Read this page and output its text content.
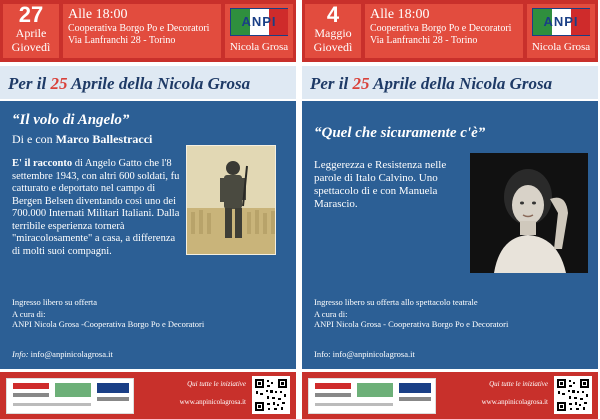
27
Aprile
Giovedì
Alle 18:00
Cooperativa Borgo Po e Decoratori
Via Lanfranchi 28 - Torino
ANPI
Nicola Grosa
Per il 25 Aprile della Nicola Grosa
“Il volo di Angelo”
Di e con Marco Ballestracci
E' il racconto di Angelo Gatto che l'8 settembre 1943, con altri 600 soldati, fu catturato e deportato nel campo di Bergen Belsen diventando così uno dei 700.000 Internati Militari Italiani. Dalla terribile esperienza tornerà "miracolosamente" a casa, a differenza di molti suoi compagni.
Ingresso libero su offerta
A cura di:
ANPI Nicola Grosa -Cooperativa Borgo Po e Decoratori
Info: info@anpinicolagrosa.it
Qui tutte le iniziative
www.anpinicolagrosa.it
4
Maggio
Giovedì
Alle 18:00
Cooperativa Borgo Po e Decoratori
Via Lanfranchi 28 - Torino
ANPI
Nicola Grosa
Per il 25 Aprile della Nicola Grosa
“Quel che sicuramente c'è”
Leggerezza e Resistenza nelle parole di Italo Calvino. Uno spettacolo di e con Manuela Marascio.
Ingresso libero su offerta allo spettacolo teatrale
A cura di:
ANPI Nicola Grosa - Cooperativa Borgo Po e Decoratori
Info: info@anpinicolagrosa.it
Qui tutte le iniziative
www.anpinicolagrosa.it
